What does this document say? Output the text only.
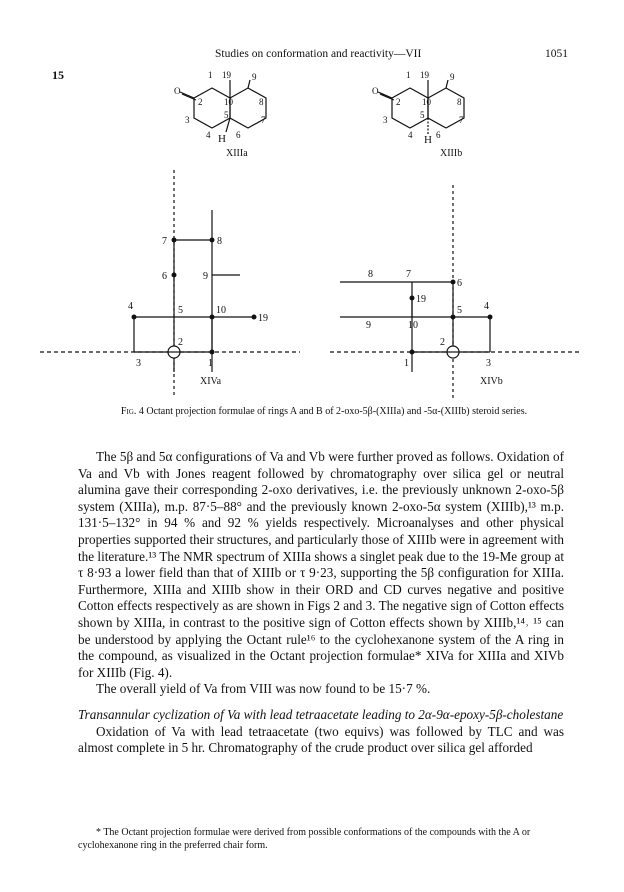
Studies on conformation and reactivity—VII	1051
15
O
1 19 9
2 10	8
5
3
4 H 6
7
XIIIa
O
1 19 9
2 10	8
5
3
4 H 6
7
XIIIb
7	8
6	9
4	5	10
19
2
3	1
XIVa
8	7
6
19
5 4
9	10
2
1	3
XIVb
Fig. 4 Octant projection formulae of rings A and B of 2-oxo-5β-(XIIIa) and -5α-(XIIIb) steroid series.

The 5β and 5α configurations of Va and Vb were further proved as follows. Oxidation of Va and Vb with Jones reagent followed by chromatography over silica gel or neutral alumina gave their corresponding 2-oxo derivatives, i.e. the previously unknown 2-oxo-5β system (XIIIa), m.p. 87·5–88° and the previously known 2-oxo-5α system (XIIIb),¹³ m.p. 131·5–132° in 94 % and 92 % yields respectively. Microanalyses and other physical properties supported their structures, and particularly those of XIIIb were in agreement with the literature.¹³ The NMR spectrum of XIIIa shows a singlet peak due to the 19-Me group at τ 8·93 a lower field than that of XIIIb or τ 9·23, supporting the 5β configuration for XIIIa. Furthermore, XIIIa and XIIIb show in their ORD and CD curves negative and positive Cotton effects respectively as are shown in Figs 2 and 3. The negative sign of Cotton effects shown by XIIIa, in contrast to the positive sign of Cotton effects shown by XIIIb,¹⁴˒ ¹⁵ can be understood by applying the Octant rule¹⁶ to the cyclohexanone system of the A ring in the compound, as visualized in the Octant projection formulae* XIVa for XIIIa and XIVb for XIIIb (Fig. 4).

The overall yield of Va from VIII was now found to be 15·7 %.

Transannular cyclization of Va with lead tetraacetate leading to 2α-9α-epoxy-5β-cholestane

Oxidation of Va with lead tetraacetate (two equivs) was followed by TLC and was almost complete in 5 hr. Chromatography of the crude product over silica gel afforded

* The Octant projection formulae were derived from possible conformations of the compounds with the A or cyclohexanone ring in the preferred chair form.
